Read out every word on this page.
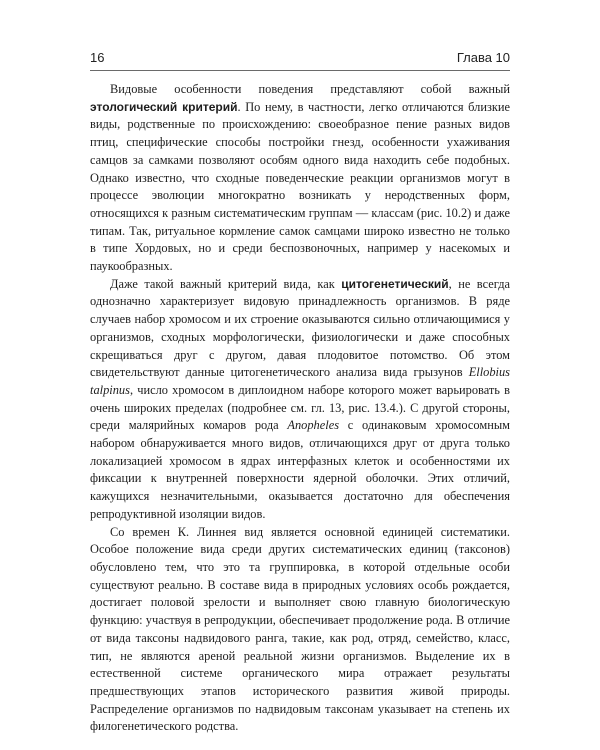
16	Глава 10

Видовые особенности поведения представляют собой важный этологический критерий. По нему, в частности, легко отличаются близкие виды, родственные по происхождению: своеобразное пение разных видов птиц, специфические способы постройки гнезд, особенности ухаживания самцов за самками позволяют особям одного вида находить себе подобных. Однако известно, что сходные поведенческие реакции организмов могут в процессе эволюции многократно возникать у неродственных форм, относящихся к разным систематическим группам — классам (рис. 10.2) и даже типам. Так, ритуальное кормление самок самцами широко известно не только в типе Хордовых, но и среди беспозвоночных, например у насекомых и паукообразных.

Даже такой важный критерий вида, как цитогенетический, не всегда однозначно характеризует видовую принадлежность организмов. В ряде случаев набор хромосом и их строение оказываются сильно отличающимися у организмов, сходных морфологически, физиологически и даже способных скрещиваться друг с другом, давая плодовитое потомство. Об этом свидетельствуют данные цитогенетического анализа вида грызунов Ellobius talpinus, число хромосом в диплоидном наборе которого может варьировать в очень широких пределах (подробнее см. гл. 13, рис. 13.4.). С другой стороны, среди малярийных комаров рода Anopheles с одинаковым хромосомным набором обнаруживается много видов, отличающихся друг от друга только локализацией хромосом в ядрах интерфазных клеток и особенностями их фиксации к внутренней поверхности ядерной оболочки. Этих отличий, кажущихся незначительными, оказывается достаточно для обеспечения репродуктивной изоляции видов.

Со времен К. Линнея вид является основной единицей систематики. Особое положение вида среди других систематических единиц (таксонов) обусловлено тем, что это та группировка, в которой отдельные особи существуют реально. В составе вида в природных условиях особь рождается, достигает половой зрелости и выполняет свою главную биологическую функцию: участвуя в репродукции, обеспечивает продолжение рода. В отличие от вида таксоны надвидового ранга, такие, как род, отряд, семейство, класс, тип, не являются ареной реальной жизни организмов. Выделение их в естественной системе органического мира отражает результаты предшествующих этапов исторического развития живой природы. Распределение организмов по надвидовым таксонам указывает на степень их филогенетического родства.
